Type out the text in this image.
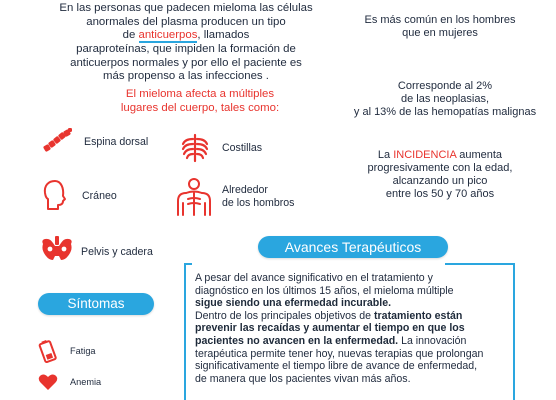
En las personas que padecen mieloma las células
anormales del plasma producen un tipo
de anticuerpos, llamados
paraproteínas, que impiden la formación de
anticuerpos normales y por ello el paciente es
más propenso a las infecciones .
El mieloma afecta a múltiples
lugares del cuerpo, tales como:
Espina dorsal	Costillas
Cráneo	Alrededor
de los hombros
Pelvis y cadera
Es más común en los hombres
que en mujeres
Corresponde al 2%
de las neoplasias,
y al 13% de las hemopatías malignas
La INCIDENCIA aumenta
progresivamente con la edad,
alcanzando un pico
entre los 50 y 70 años
Avances Terapéuticos
A pesar del avance significativo en el tratamiento y
diagnóstico en los últimos 15 años, el mieloma múltiple
sigue siendo una efermedad incurable.
Dentro de los principales objetivos de tratamiento están
prevenir las recaídas y aumentar el tiempo en que los
pacientes no avancen en la enfermedad. La innovación
terapéutica permite tener hoy, nuevas terapias que prolongan
significativamente el tiempo libre de avance de enfermedad,
de manera que los pacientes vivan más años.
Síntomas
Fatiga
Anemia
